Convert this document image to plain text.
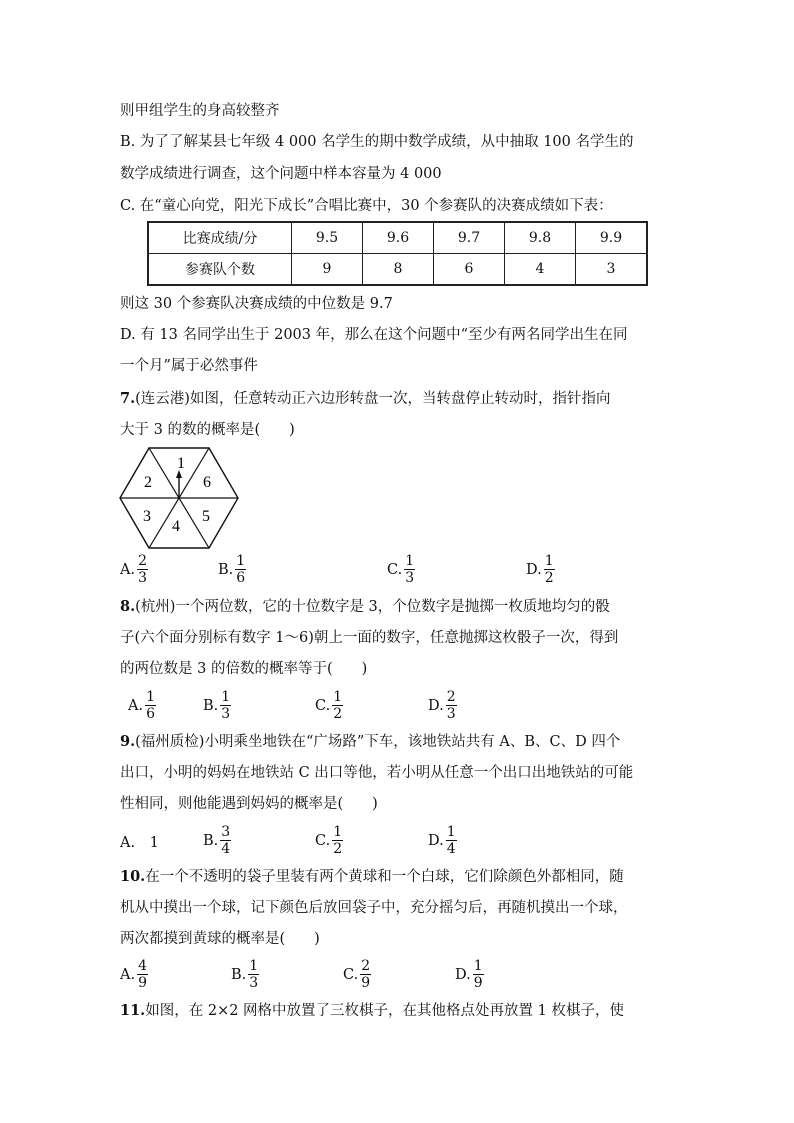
则甲组学生的身高较整齐
B. 为了了解某县七年级 4 000 名学生的期中数学成绩，从中抽取 100 名学生的
数学成绩进行调查，这个问题中样本容量为 4 000
C. 在“童心向党，阳光下成长”合唱比赛中，30 个参赛队的决赛成绩如下表：
比赛成绩/分	9.5	9.6	9.7	9.8	9.9
参赛队个数	9	8	6	4	3
则这 30 个参赛队决赛成绩的中位数是 9.7
D. 有 13 名同学出生于 2003 年，那么在这个问题中“至少有两名同学出生在同
一个月”属于必然事件
7.(连云港)如图，任意转动正六边形转盘一次，当转盘停止转动时，指针指向
大于 3 的数的概率是(　　)
1
6
5
4
3
2
A. $\frac{2}{3}$	B. $\frac{1}{6}$	C. $\frac{1}{3}$	D. $\frac{1}{2}$
8.(杭州)一个两位数，它的十位数字是 3，个位数字是抛掷一枚质地均匀的骰
子(六个面分别标有数字 1～6)朝上一面的数字，任意抛掷这枚骰子一次，得到
的两位数是 3 的倍数的概率等于(　　)
A. $\frac{1}{6}$	B. $\frac{1}{3}$	C. $\frac{1}{2}$	D. $\frac{2}{3}$
9.(福州质检)小明乘坐地铁在“广场路”下车，该地铁站共有 A、B、C、D 四个
出口，小明的妈妈在地铁站 C 出口等他，若小明从任意一个出口出地铁站的可能
性相同，则他能遇到妈妈的概率是(　　)
A.　1	B. $\frac{3}{4}$	C. $\frac{1}{2}$	D. $\frac{1}{4}$
10.在一个不透明的袋子里装有两个黄球和一个白球，它们除颜色外都相同，随
机从中摸出一个球，记下颜色后放回袋子中，充分摇匀后，再随机摸出一个球，
两次都摸到黄球的概率是(　　)
A. $\frac{4}{9}$	B. $\frac{1}{3}$	C. $\frac{2}{9}$	D. $\frac{1}{9}$
11.如图，在 2×2 网格中放置了三枚棋子，在其他格点处再放置 1 枚棋子，使
